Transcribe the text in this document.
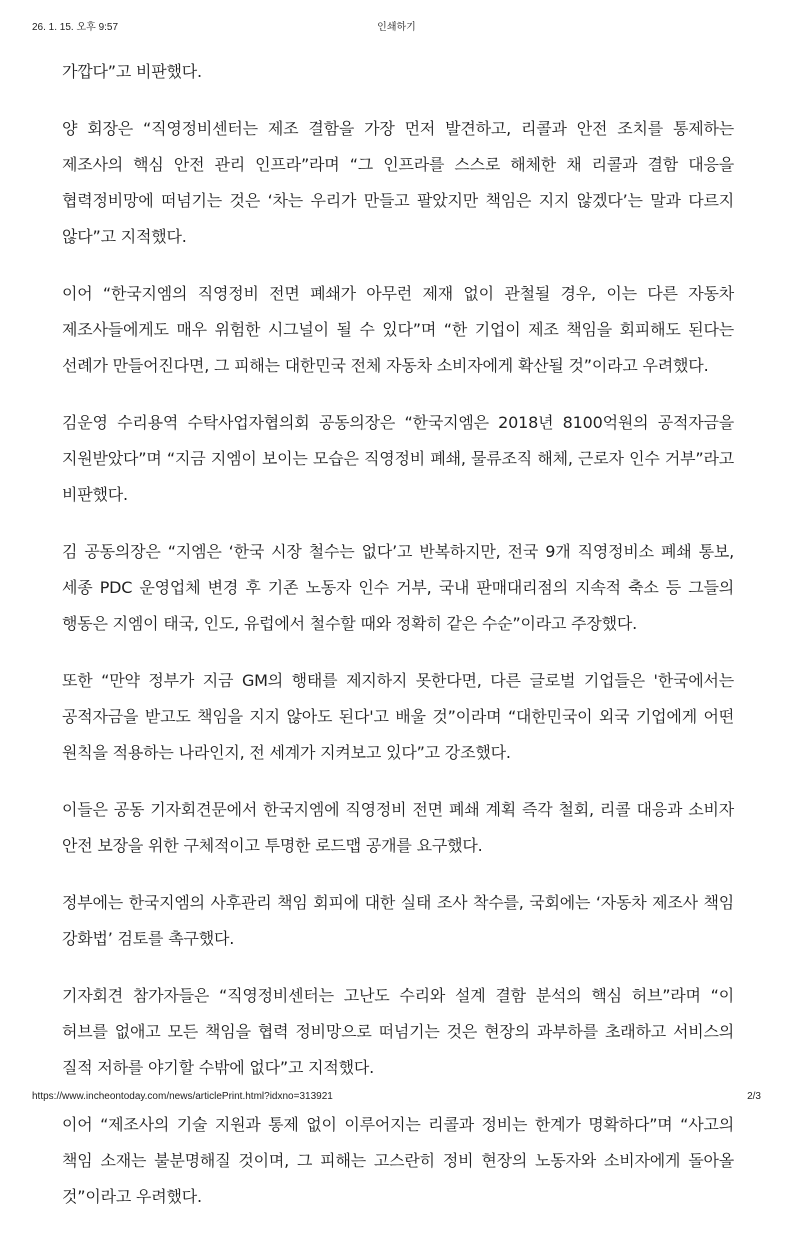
인쇄하기
26. 1. 15. 오후 9:57

가깝다”고 비판했다.

양 회장은 “직영정비센터는 제조 결함을 가장 먼저 발견하고, 리콜과 안전 조치를 통제하는 제조사의 핵심 안전 관리 인프라”라며 “그 인프라를 스스로 해체한 채 리콜과 결함 대응을 협력정비망에 떠넘기는 것은 ‘차는 우리가 만들고 팔았지만 책임은 지지 않겠다’는 말과 다르지 않다”고 지적했다.

이어 “한국지엠의 직영정비 전면 폐쇄가 아무런 제재 없이 관철될 경우, 이는 다른 자동차 제조사들에게도 매우 위험한 시그널이 될 수 있다”며 “한 기업이 제조 책임을 회피해도 된다는 선례가 만들어진다면, 그 피해는 대한민국 전체 자동차 소비자에게 확산될 것”이라고 우려했다.

김운영 수리용역 수탁사업자협의회 공동의장은 “한국지엠은 2018년 8100억원의 공적자금을 지원받았다”며 “지금 지엠이 보이는 모습은 직영정비 폐쇄, 물류조직 해체, 근로자 인수 거부”라고 비판했다.

김 공동의장은 “지엠은 ‘한국 시장 철수는 없다’고 반복하지만, 전국 9개 직영정비소 폐쇄 통보, 세종 PDC 운영업체 변경 후 기존 노동자 인수 거부, 국내 판매대리점의 지속적 축소 등 그들의 행동은 지엠이 태국, 인도, 유럽에서 철수할 때와 정확히 같은 수순”이라고 주장했다.

또한 “만약 정부가 지금 GM의 행태를 제지하지 못한다면, 다른 글로벌 기업들은 '한국에서는 공적자금을 받고도 책임을 지지 않아도 된다'고 배울 것”이라며 “대한민국이 외국 기업에게 어떤 원칙을 적용하는 나라인지, 전 세계가 지켜보고 있다”고 강조했다.

이들은 공동 기자회견문에서 한국지엠에 직영정비 전면 폐쇄 계획 즉각 철회, 리콜 대응과 소비자 안전 보장을 위한 구체적이고 투명한 로드맵 공개를 요구했다.

정부에는 한국지엠의 사후관리 책임 회피에 대한 실태 조사 착수를, 국회에는 ‘자동차 제조사 책임 강화법’ 검토를 촉구했다.

기자회견 참가자들은 “직영정비센터는 고난도 수리와 설계 결함 분석의 핵심 허브”라며 “이 허브를 없애고 모든 책임을 협력 정비망으로 떠넘기는 것은 현장의 과부하를 초래하고 서비스의 질적 저하를 야기할 수밖에 없다”고 지적했다.

이어 “제조사의 기술 지원과 통제 없이 이루어지는 리콜과 정비는 한계가 명확하다”며 “사고의 책임 소재는 불분명해질 것이며, 그 피해는 고스란히 정비 현장의 노동자와 소비자에게 돌아올 것”이라고 우려했다.

https://www.incheontoday.com/news/articlePrint.html?idxno=313921	2/3
